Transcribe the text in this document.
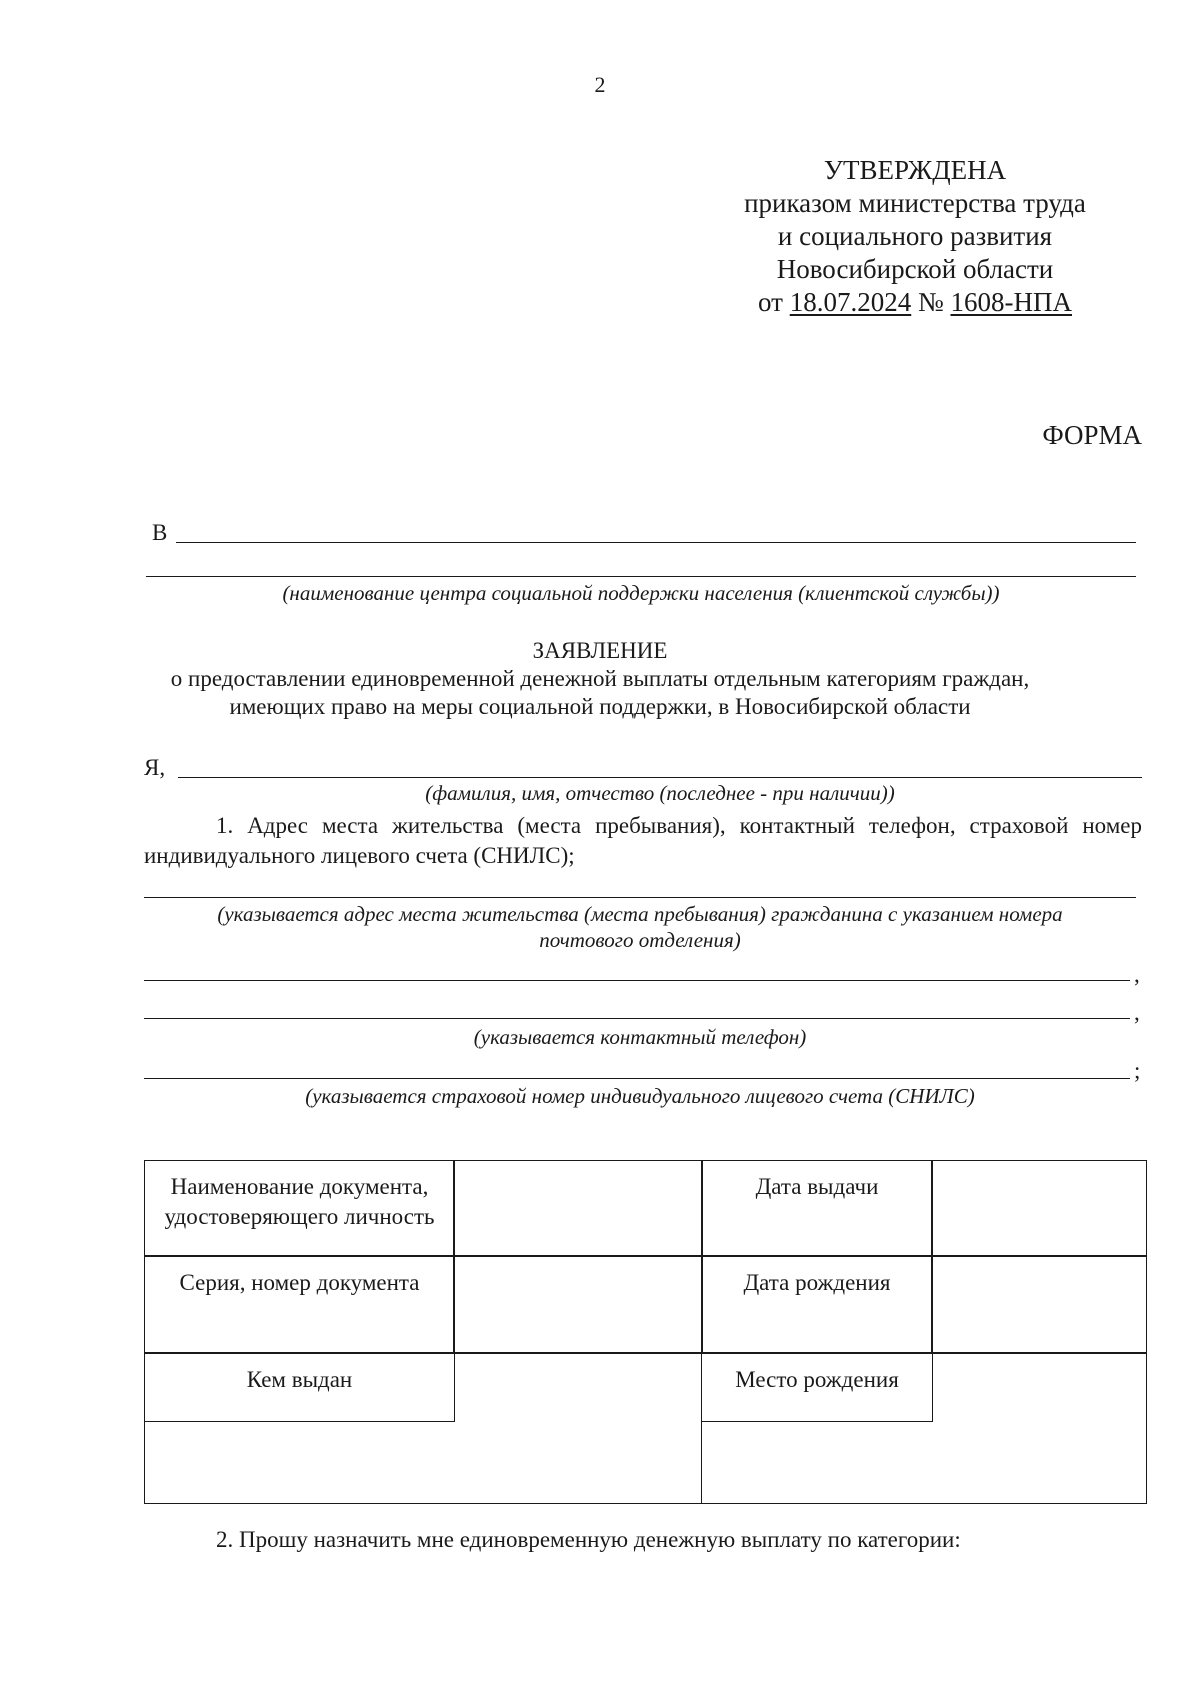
2
УТВЕРЖДЕНА
приказом министерства труда
и социального развития
Новосибирской области
от 18.07.2024 № 1608-НПА
ФОРМА
В
(наименование центра социальной поддержки населения (клиентской службы))
ЗАЯВЛЕНИЕ
о предоставлении единовременной денежной выплаты отдельным категориям граждан,
имеющих право на меры социальной поддержки, в Новосибирской области
Я,
(фамилия, имя, отчество (последнее - при наличии))
1. Адрес места жительства (места пребывания), контактный телефон, страховой номер индивидуального лицевого счета (СНИЛС);
(указывается адрес места жительства (места пребывания) гражданина с указанием номера почтового отделения)
,
,
(указывается контактный телефон)
;
(указывается страховой номер индивидуального лицевого счета (СНИЛС)
Наименование документа, удостоверяющего личность
Дата выдачи
Серия, номер документа	Дата рождения
Кем выдан	Место рождения
2. Прошу назначить мне единовременную денежную выплату по категории:
